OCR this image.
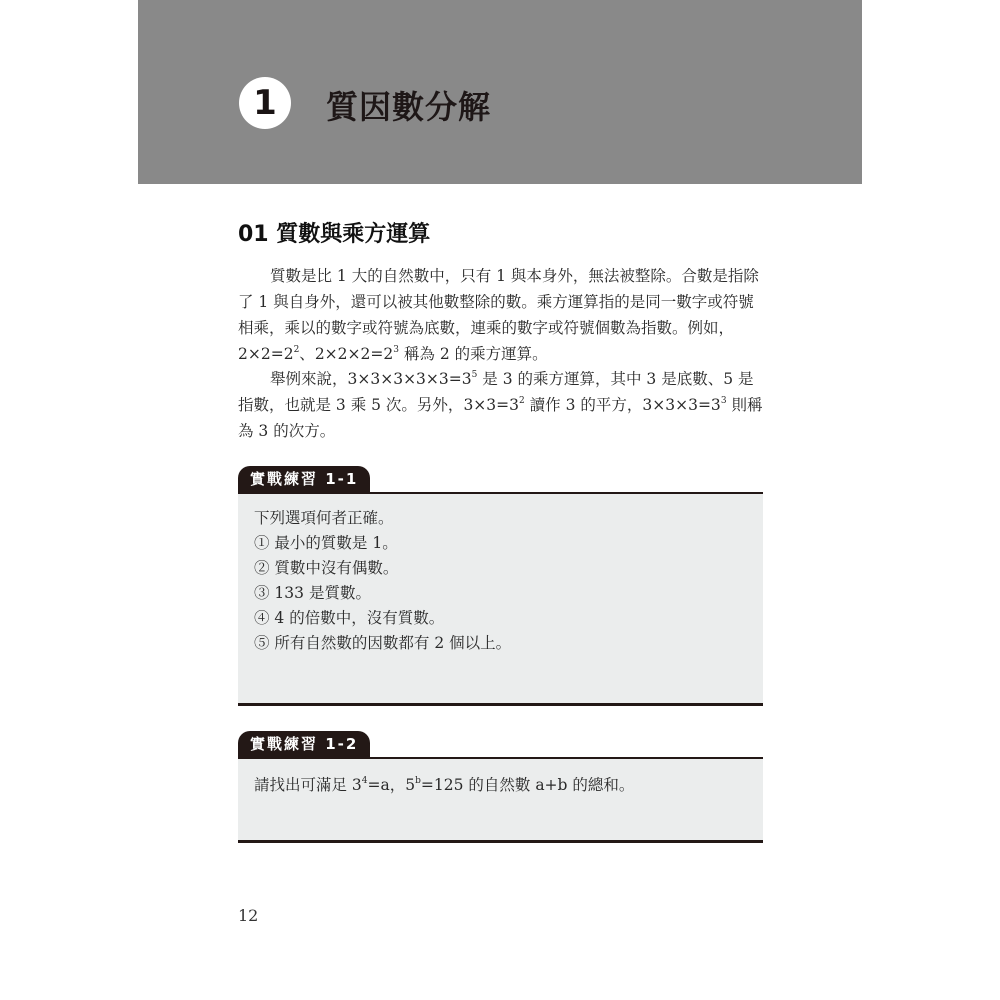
1 質因數分解
01 質數與乘方運算

質數是比 1 大的自然數中，只有 1 與本身外，無法被整除。合數是指除了 1 與自身外，還可以被其他數整除的數。乘方運算指的是同一數字或符號相乘，乘以的數字或符號為底數，連乘的數字或符號個數為指數。例如，$2\times 2=2^2$、$2\times 2\times 2=2^3$ 稱為 2 的乘方運算。

舉例來說，$3\times 3\times 3\times 3\times 3=3^5$ 是 3 的乘方運算，其中 3 是底數、5 是指數，也就是 3 乘 5 次。另外，$3\times 3=3^2$ 讀作 3 的平方，$3\times 3\times 3=3^3$ 則稱為 3 的次方。

實戰練習 1-1

下列選項何者正確。

① 最小的質數是 1。

② 質數中沒有偶數。

③ 133 是質數。

④ 4 的倍數中，沒有質數。

⑤ 所有自然數的因數都有 2 個以上。

實戰練習 1-2

請找出可滿足 $3^4=a$，$5^b=125$ 的自然數 a+b 的總和。

12
